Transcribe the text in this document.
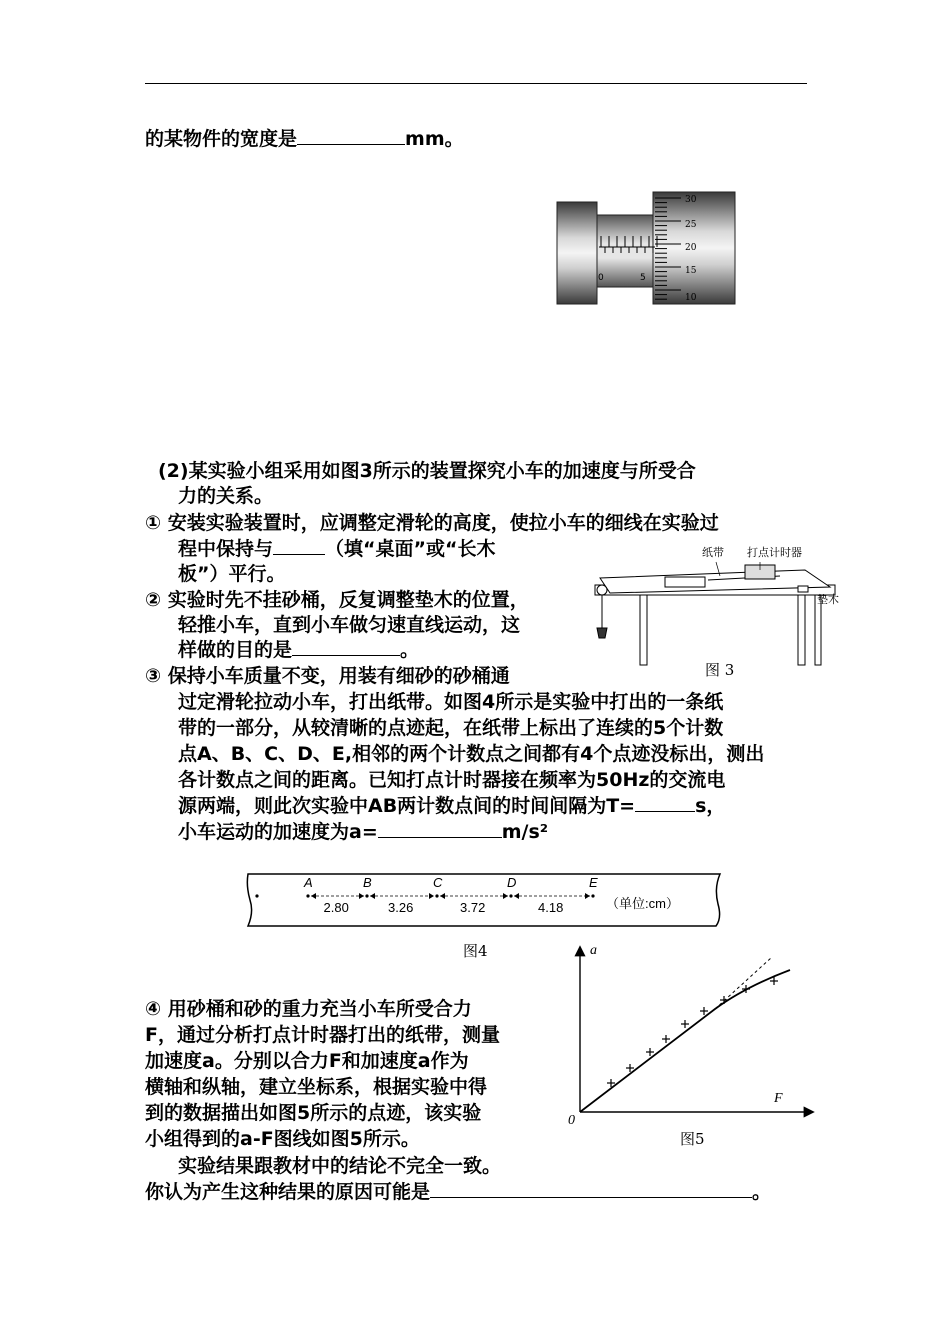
的某物件的宽度是	mm。
0	5
30
25
20
15
10
(2)某实验小组采用如图3所示的装置探究小车的加速度与所受合
力的关系。
① 安装实验装置时，应调整定滑轮的高度，使拉小车的细线在实验过
程中保持与	（填“桌面”或“长木
板”）平行。
② 实验时先不挂砂桶，反复调整垫木的位置，
轻推小车，直到小车做匀速直线运动，这
样做的目的是	。
③ 保持小车质量不变，用装有细砂的砂桶通
过定滑轮拉动小车，打出纸带。如图4所示是实验中打出的一条纸
带的一部分，从较清晰的点迹起，在纸带上标出了连续的5个计数
点A、B、C、D、E,相邻的两个计数点之间都有4个点迹没标出，测出
各计数点之间的距离。已知打点计时器接在频率为50Hz的交流电
源两端，则此次实验中AB两计数点间的时间间隔为T=	s，
小车运动的加速度为a=	m/s²
纸带 打点计时器
垫木
图 3
A	B	C	D	E
2.80	3.26	3.72	4.18	（单位:cm）
图4
④ 用砂桶和砂的重力充当小车所受合力
F，通过分析打点计时器打出的纸带，测量
加速度a。分别以合力F和加速度a作为
横轴和纵轴，建立坐标系，根据实验中得
到的数据描出如图5所示的点迹，该实验
小组得到的a-F图线如图5所示。
实验结果跟教材中的结论不完全一致。
你认为产生这种结果的原因可能是	。
a
F
0
图5
